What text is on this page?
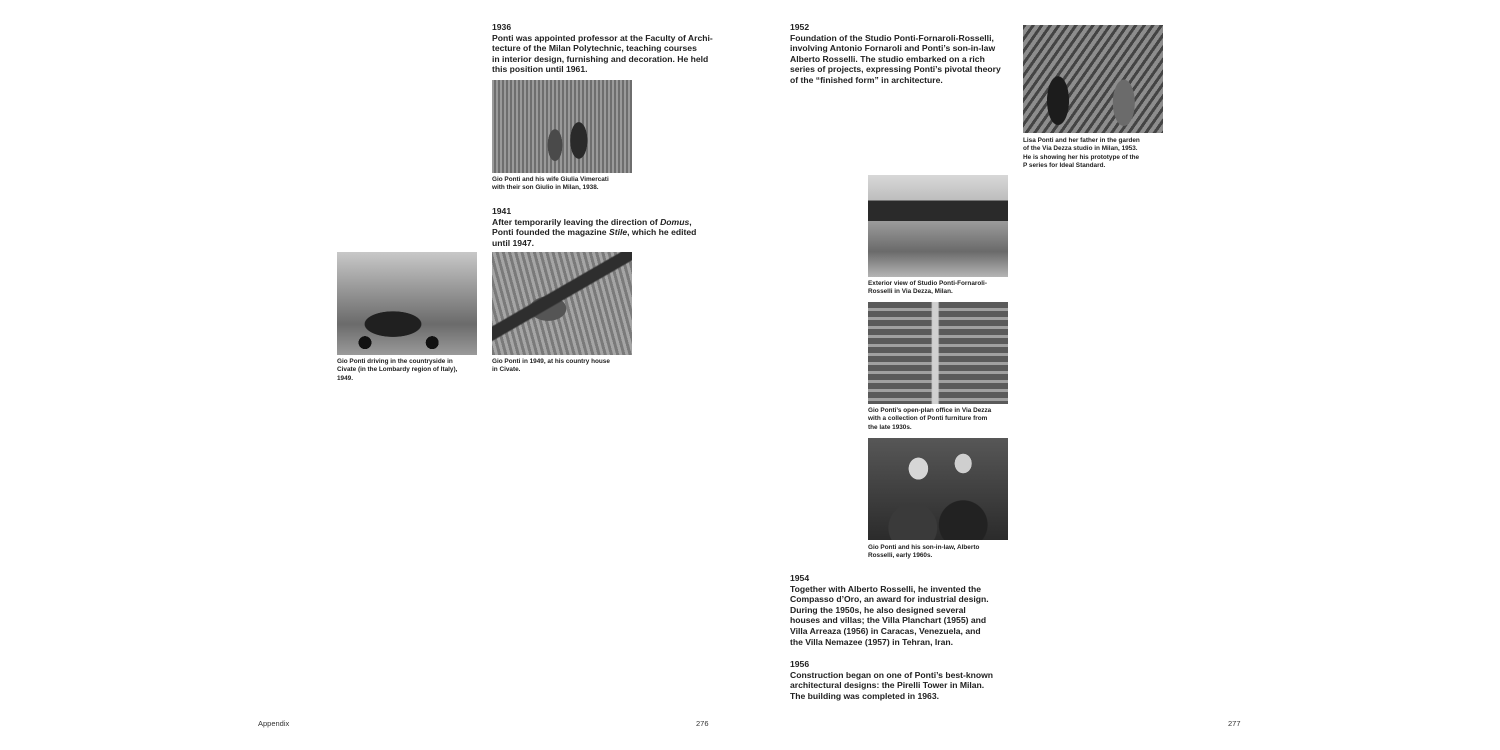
1936

Ponti was appointed professor at the Faculty of Archi-

tecture of the Milan Polytechnic, teaching courses

in interior design, furnishing and decoration. He held

this position until 1961.

Gio Ponti and his wife Giulia Vimercati

with their son Giulio in Milan, 1938.

1941

After temporarily leaving the direction of Domus,

Ponti founded the magazine Stile, which he edited

until 1947.

Gio Ponti driving in the countryside in

Civate (in the Lombardy region of Italy),

1949.

Gio Ponti in 1949, at his country house

in Civate.

Appendix	276
1952

Foundation of the Studio Ponti-Fornaroli-Rosselli,

involving Antonio Fornaroli and Ponti’s son-in-law

Alberto Rosselli. The studio embarked on a rich

series of projects, expressing Ponti’s pivotal theory

of the “finished form” in architecture.

Lisa Ponti and her father in the garden

of the Via Dezza studio in Milan, 1953.

He is showing her his prototype of the

P series for Ideal Standard.

Exterior view of Studio Ponti-Fornaroli-

Rosselli in Via Dezza, Milan.

Gio Ponti’s open-plan office in Via Dezza

with a collection of Ponti furniture from

the late 1930s.

Gio Ponti and his son-in-law, Alberto

Rosselli, early 1960s.

1954

Together with Alberto Rosselli, he invented the

Compasso d’Oro, an award for industrial design.

During the 1950s, he also designed several

houses and villas; the Villa Planchart (1955) and

Villa Arreaza (1956) in Caracas, Venezuela, and

the Villa Nemazee (1957) in Tehran, Iran.

1956

Construction began on one of Ponti’s best-known

architectural designs: the Pirelli Tower in Milan.

The building was completed in 1963.

277
